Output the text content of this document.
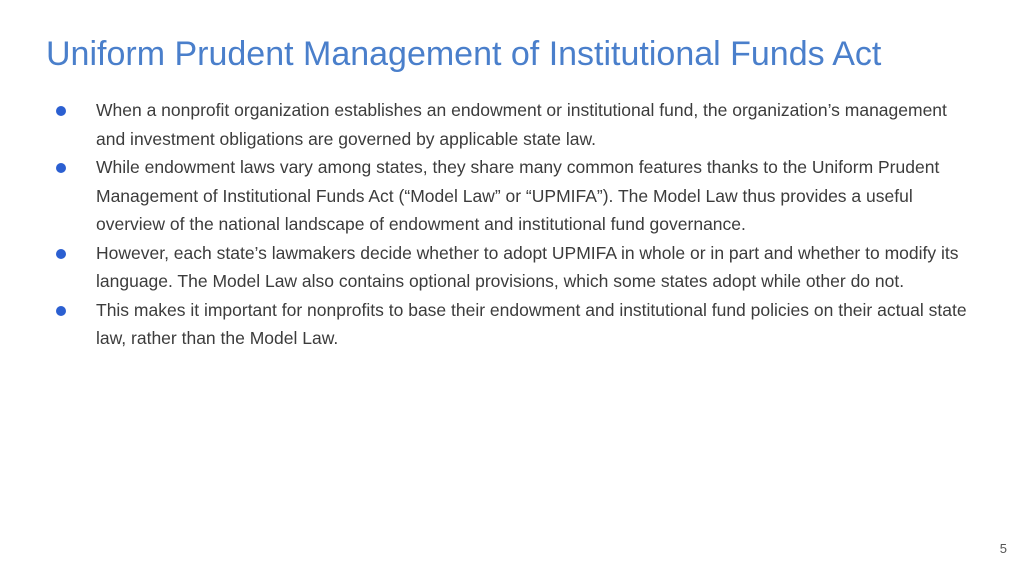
Uniform Prudent Management of Institutional Funds Act
When a nonprofit organization establishes an endowment or institutional fund, the organization’s management and investment obligations are governed by applicable state law.
While endowment laws vary among states, they share many common features thanks to the Uniform Prudent Management of Institutional Funds Act (“Model Law” or “UPMIFA”). The Model Law thus provides a useful overview of the national landscape of endowment and institutional fund governance.
However, each state’s lawmakers decide whether to adopt UPMIFA in whole or in part and whether to modify its language. The Model Law also contains optional provisions, which some states adopt while other do not.
This makes it important for nonprofits to base their endowment and institutional fund policies on their actual state law, rather than the Model Law.
5
